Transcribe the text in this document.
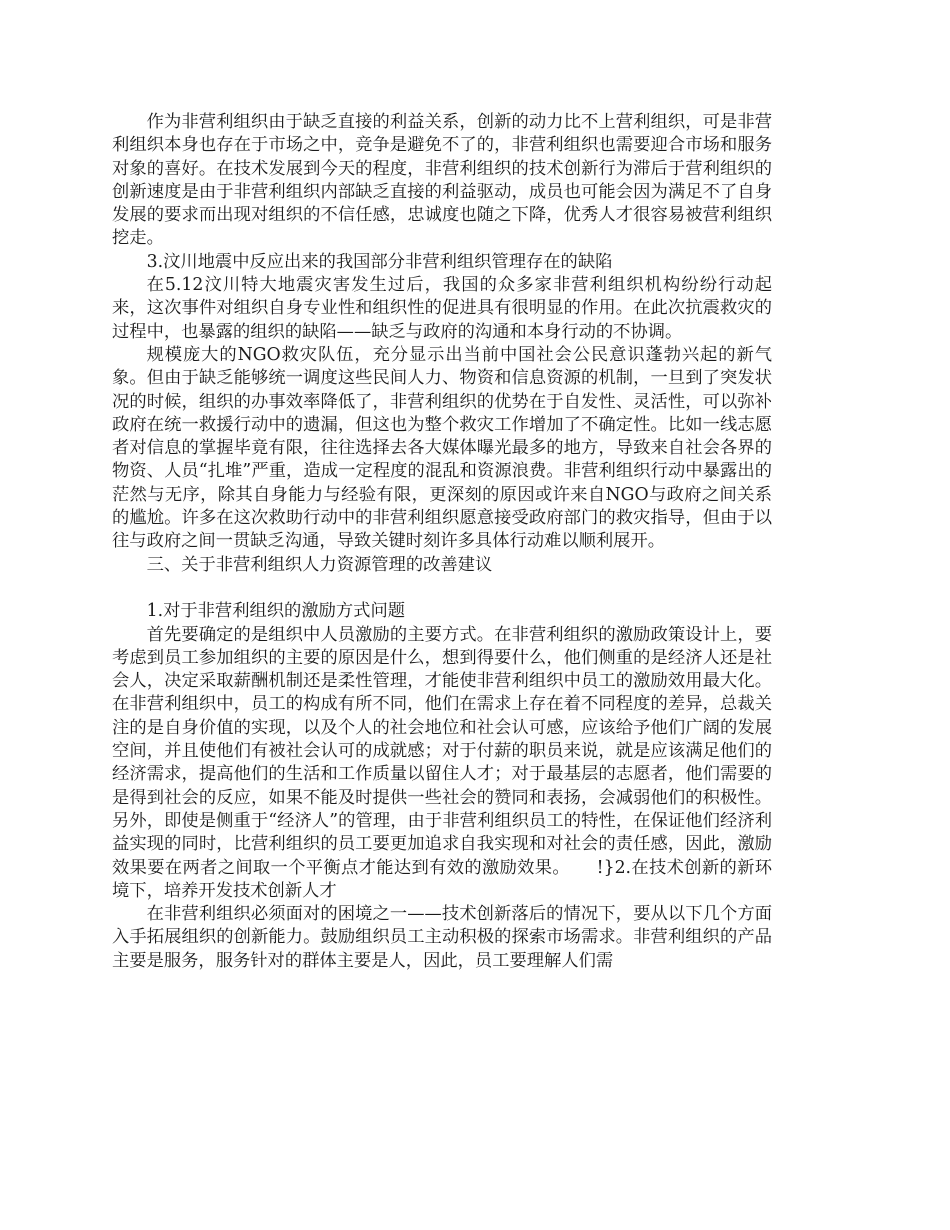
作为非营利组织由于缺乏直接的利益关系，创新的动力比不上营利组织，可是非营利组织本身也存在于市场之中，竞争是避免不了的，非营利组织也需要迎合市场和服务对象的喜好。在技术发展到今天的程度，非营利组织的技术创新行为滞后于营利组织的创新速度是由于非营利组织内部缺乏直接的利益驱动，成员也可能会因为满足不了自身发展的要求而出现对组织的不信任感，忠诚度也随之下降，优秀人才很容易被营利组织挖走。

3.汶川地震中反应出来的我国部分非营利组织管理存在的缺陷

在5.12汶川特大地震灾害发生过后，我国的众多家非营利组织机构纷纷行动起来，这次事件对组织自身专业性和组织性的促进具有很明显的作用。在此次抗震救灾的过程中，也暴露的组织的缺陷——缺乏与政府的沟通和本身行动的不协调。

规模庞大的NGO救灾队伍，充分显示出当前中国社会公民意识蓬勃兴起的新气象。但由于缺乏能够统一调度这些民间人力、物资和信息资源的机制，一旦到了突发状况的时候，组织的办事效率降低了，非营利组织的优势在于自发性、灵活性，可以弥补政府在统一救援行动中的遗漏，但这也为整个救灾工作增加了不确定性。比如一线志愿者对信息的掌握毕竟有限，往往选择去各大媒体曝光最多的地方，导致来自社会各界的物资、人员“扎堆”严重，造成一定程度的混乱和资源浪费。非营利组织行动中暴露出的茫然与无序，除其自身能力与经验有限，更深刻的原因或许来自NGO与政府之间关系的尴尬。许多在这次救助行动中的非营利组织愿意接受政府部门的救灾指导，但由于以往与政府之间一贯缺乏沟通，导致关键时刻许多具体行动难以顺利展开。

三、关于非营利组织人力资源管理的改善建议

1.对于非营利组织的激励方式问题

首先要确定的是组织中人员激励的主要方式。在非营利组织的激励政策设计上，要考虑到员工参加组织的主要的原因是什么，想到得要什么，他们侧重的是经济人还是社会人，决定采取薪酬机制还是柔性管理，才能使非营利组织中员工的激励效用最大化。在非营利组织中，员工的构成有所不同，他们在需求上存在着不同程度的差异，总裁关注的是自身价值的实现，以及个人的社会地位和社会认可感，应该给予他们广阔的发展空间，并且使他们有被社会认可的成就感；对于付薪的职员来说，就是应该满足他们的经济需求，提高他们的生活和工作质量以留住人才；对于最基层的志愿者，他们需要的是得到社会的反应，如果不能及时提供一些社会的赞同和表扬，会减弱他们的积极性。另外，即使是侧重于“经济人”的管理，由于非营利组织员工的特性，在保证他们经济利益实现的同时，比营利组织的员工要更加追求自我实现和对社会的责任感，因此，激励效果要在两者之间取一个平衡点才能达到有效的激励效果。　　!}2.在技术创新的新环境下，培养开发技术创新人才

在非营利组织必须面对的困境之一——技术创新落后的情况下，要从以下几个方面入手拓展组织的创新能力。鼓励组织员工主动积极的探索市场需求。非营利组织的产品主要是服务，服务针对的群体主要是人，因此，员工要理解人们需
